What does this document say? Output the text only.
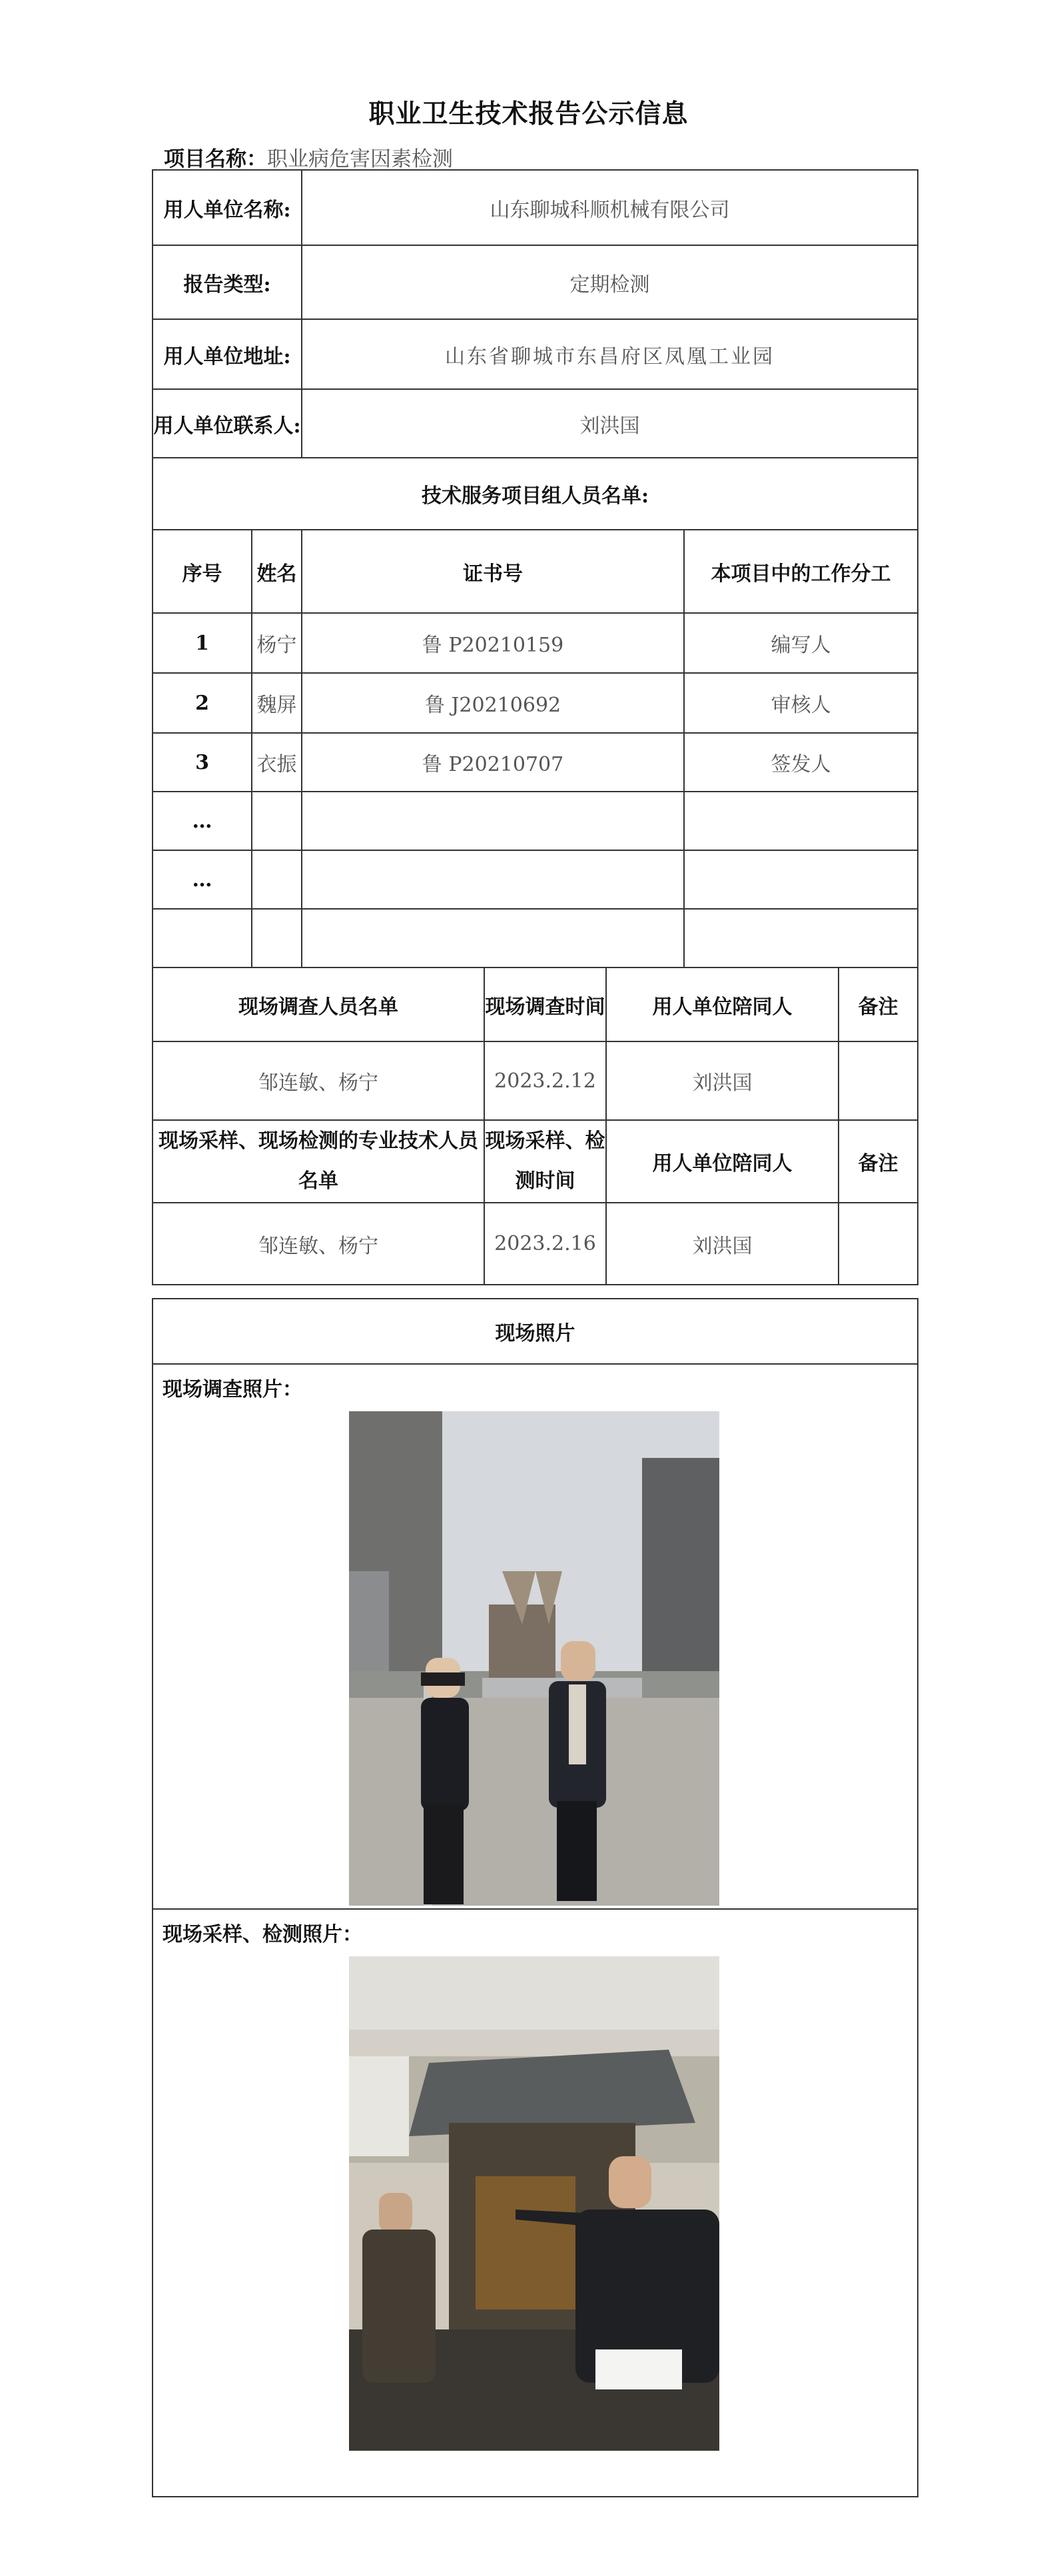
职业卫生技术报告公示信息
项目名称：职业病危害因素检测
用人单位名称:		山东聊城科顺机械有限公司				
报告类型:		定期检测				
用人单位地址:		山东省聊城市东昌府区凤凰工业园				
用人单位联系人:		刘洪国				
技术服务项目组人员名单:						
序号	姓名	证书号			本项目中的工作分工	
1	杨宁	鲁 P20210159			编写人	
2	魏屏	鲁 J20210692			审核人	
3	衣振	鲁 P20210707			签发人	
…						
…						

现场调查人员名单			现场调查时间	用人单位陪同人		备注
邹连敏、杨宁			2023.2.12	刘洪国		
现场采样、现场检测的专业技术人员名单			现场采样、检测时间	用人单位陪同人		备注
邹连敏、杨宁			2023.2.16	刘洪国		
现场照片

现场调查照片：

现场采样、检测照片：
